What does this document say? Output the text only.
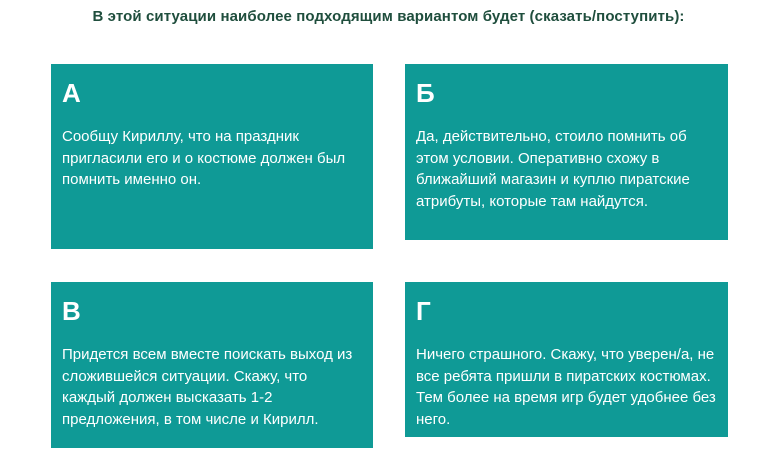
В этой ситуации наиболее подходящим вариантом будет (сказать/поступить):
А
Сообщу Кириллу, что на праздник пригласили его и о костюме должен был помнить именно он.
Б
Да, действительно, стоило помнить об этом условии. Оперативно схожу в ближайший магазин и куплю пиратские атрибуты, которые там найдутся.
В
Придется всем вместе поискать выход из сложившейся ситуации. Скажу, что каждый должен высказать 1-2 предложения, в том числе и Кирилл.
Г
Ничего страшного. Скажу, что уверен/а, не все ребята пришли в пиратских костюмах. Тем более на время игр будет удобнее без него.
